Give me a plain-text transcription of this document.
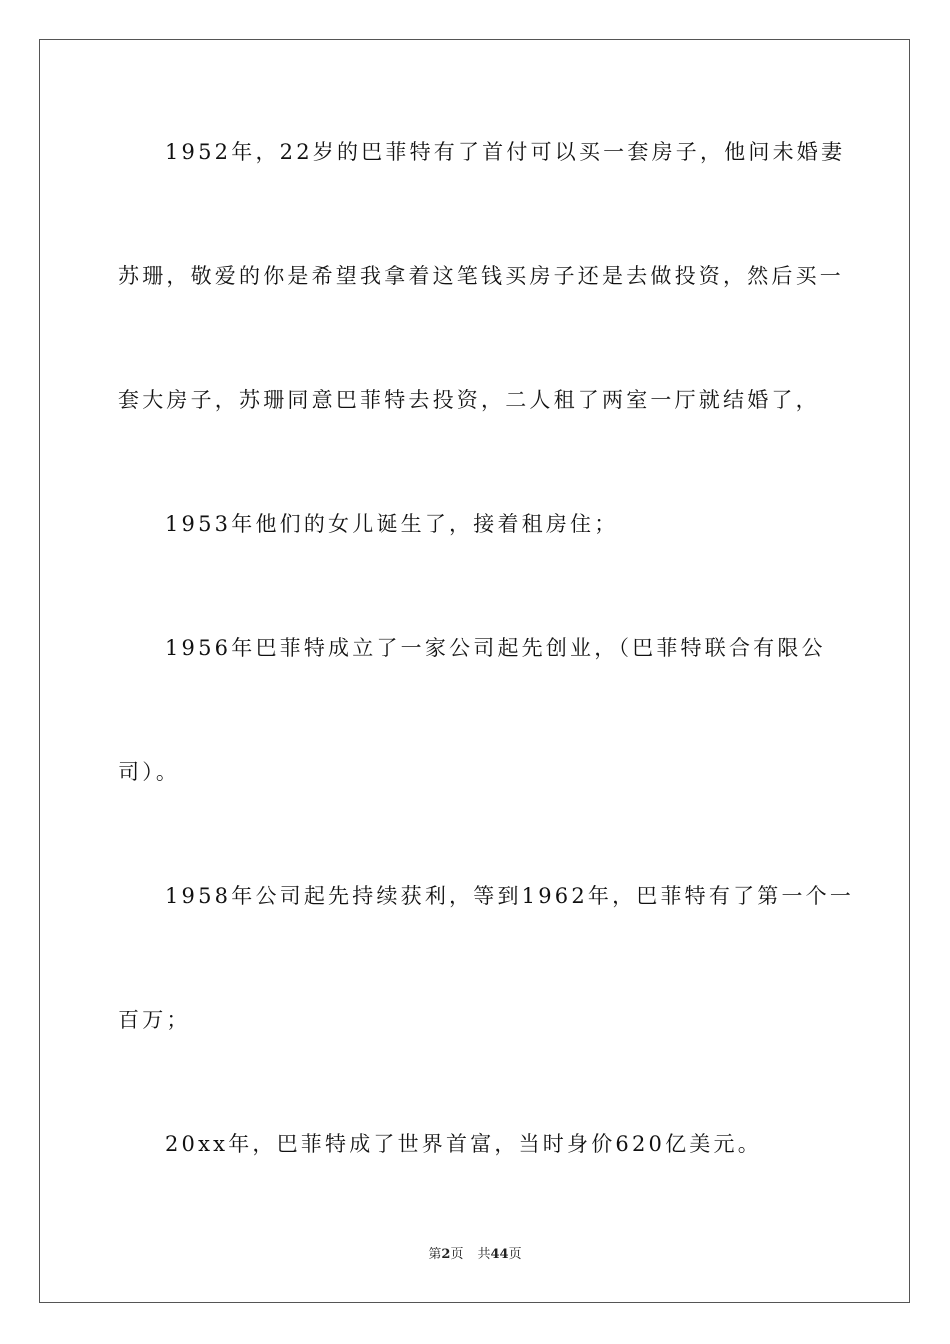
1952年，22岁的巴菲特有了首付可以买一套房子，他问未婚妻
苏珊，敬爱的你是希望我拿着这笔钱买房子还是去做投资，然后买一
套大房子，苏珊同意巴菲特去投资，二人租了两室一厅就结婚了，
1953年他们的女儿诞生了，接着租房住；
1956年巴菲特成立了一家公司起先创业，（巴菲特联合有限公
司）。
1958年公司起先持续获利，等到1962年，巴菲特有了第一个一
百万；
20xx年，巴菲特成了世界首富，当时身价620亿美元。
第2页 共44页
